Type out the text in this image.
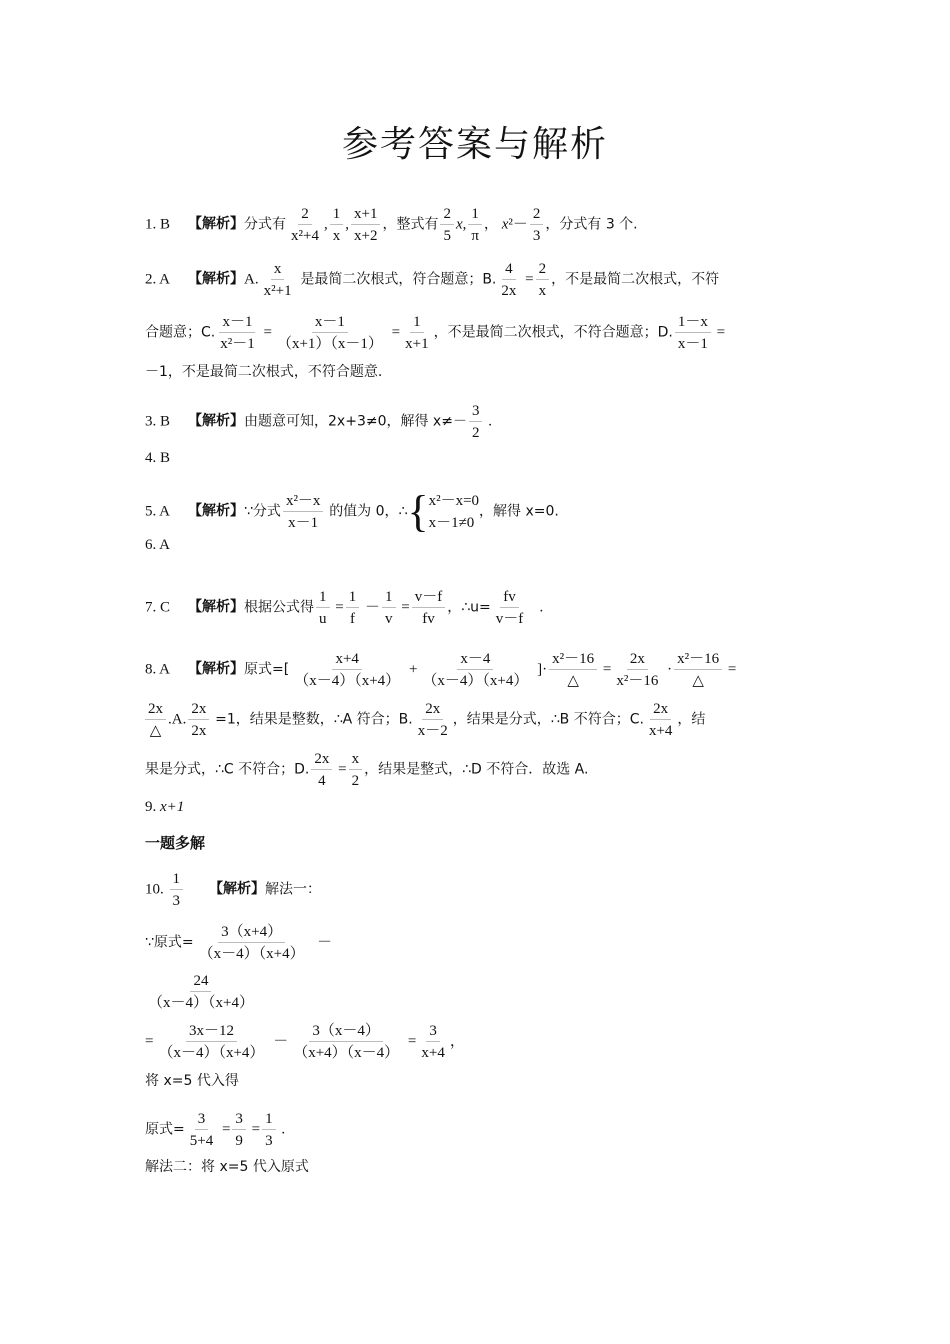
参考答案与解析
1. B 【解析】分式有 $\frac{2}{\text{x²+4}}$ , $\frac{1}{x}$ , $\frac{x+1}{x+2}$ ，整式有 $\frac{2}{5} x$, $\frac{1}{\pi}$ ， $x^2- \frac{2}{3}$ ，分式有 3 个.
2. A 【解析】A. $\frac{x}{\text{x²+1}}$ 是最简二次根式，符合题意；B. $\frac{4}{2x} = \frac{2}{x}$ ，不是最简二次根式，不符
合题意；C. $\frac{x-1}{\text{x²－1}} = \frac{x-1}{(x+1)(x-1)} = \frac{1}{x+1}$ ，不是最简二次根式，不符合题意；D. $\frac{1-x}{x-1}$ =
－1，不是最简二次根式，不符合题意.
3. B 【解析】由题意可知，2x+3≠0，解得 $x\ne- \frac{3}{2}$ .
4. B
5. A 【解析】∵分式 $\frac{\text{x²－x}}{x-1}$ 的值为 0，∴ { x²－x=0
x－1≠0
，解得 x=0.
6. A
7. C 【解析】根据公式得 $\frac{1}{u} = \frac{1}{f} - \frac{1}{v} = \frac{v-f}{fv}$ ，∴u= $\frac{fv}{v-f}$ .
8. A 【解析】原式=[ $\frac{x+4}{(x-4)(x+4)} + \frac{x-4}{(x-4)(x+4)}$ ]· $\frac{\text{x²－16}}{\triangle} = \frac{2x}{\text{x²－16}} \cdot \frac{\text{x²－16}}{\triangle}$ =
$\frac{2x}{\triangle} .A$. $\frac{2x}{2x} =1$，结果是整数，∴A 符合；B. $\frac{2x}{x-2}$ ，结果是分式，∴B 不符合；C. $\frac{2x}{x+4}$ ，结
果是分式，∴C 不符合；D. $\frac{2x}{4} = \frac{x}{2}$ ，结果是整式，∴D 不符合．故选 A.
9. x+1
一题多解
10. $\frac{1}{3}$ 【解析】解法一：
∵原式= $\frac{3(x+4)}{(x-4)(x+4)}$ －
$\frac{24}{(x-4)(x+4)}$
= $\frac{3x-12}{(x-4)(x+4)} - \frac{3(x-4)}{(x+4)(x-4)} = \frac{3}{x+4}$ ，
将 x=5 代入得
原式= $\frac{3}{5+4} = \frac{3}{9} = \frac{1}{3}$ .
解法二：将 x=5 代入原式
